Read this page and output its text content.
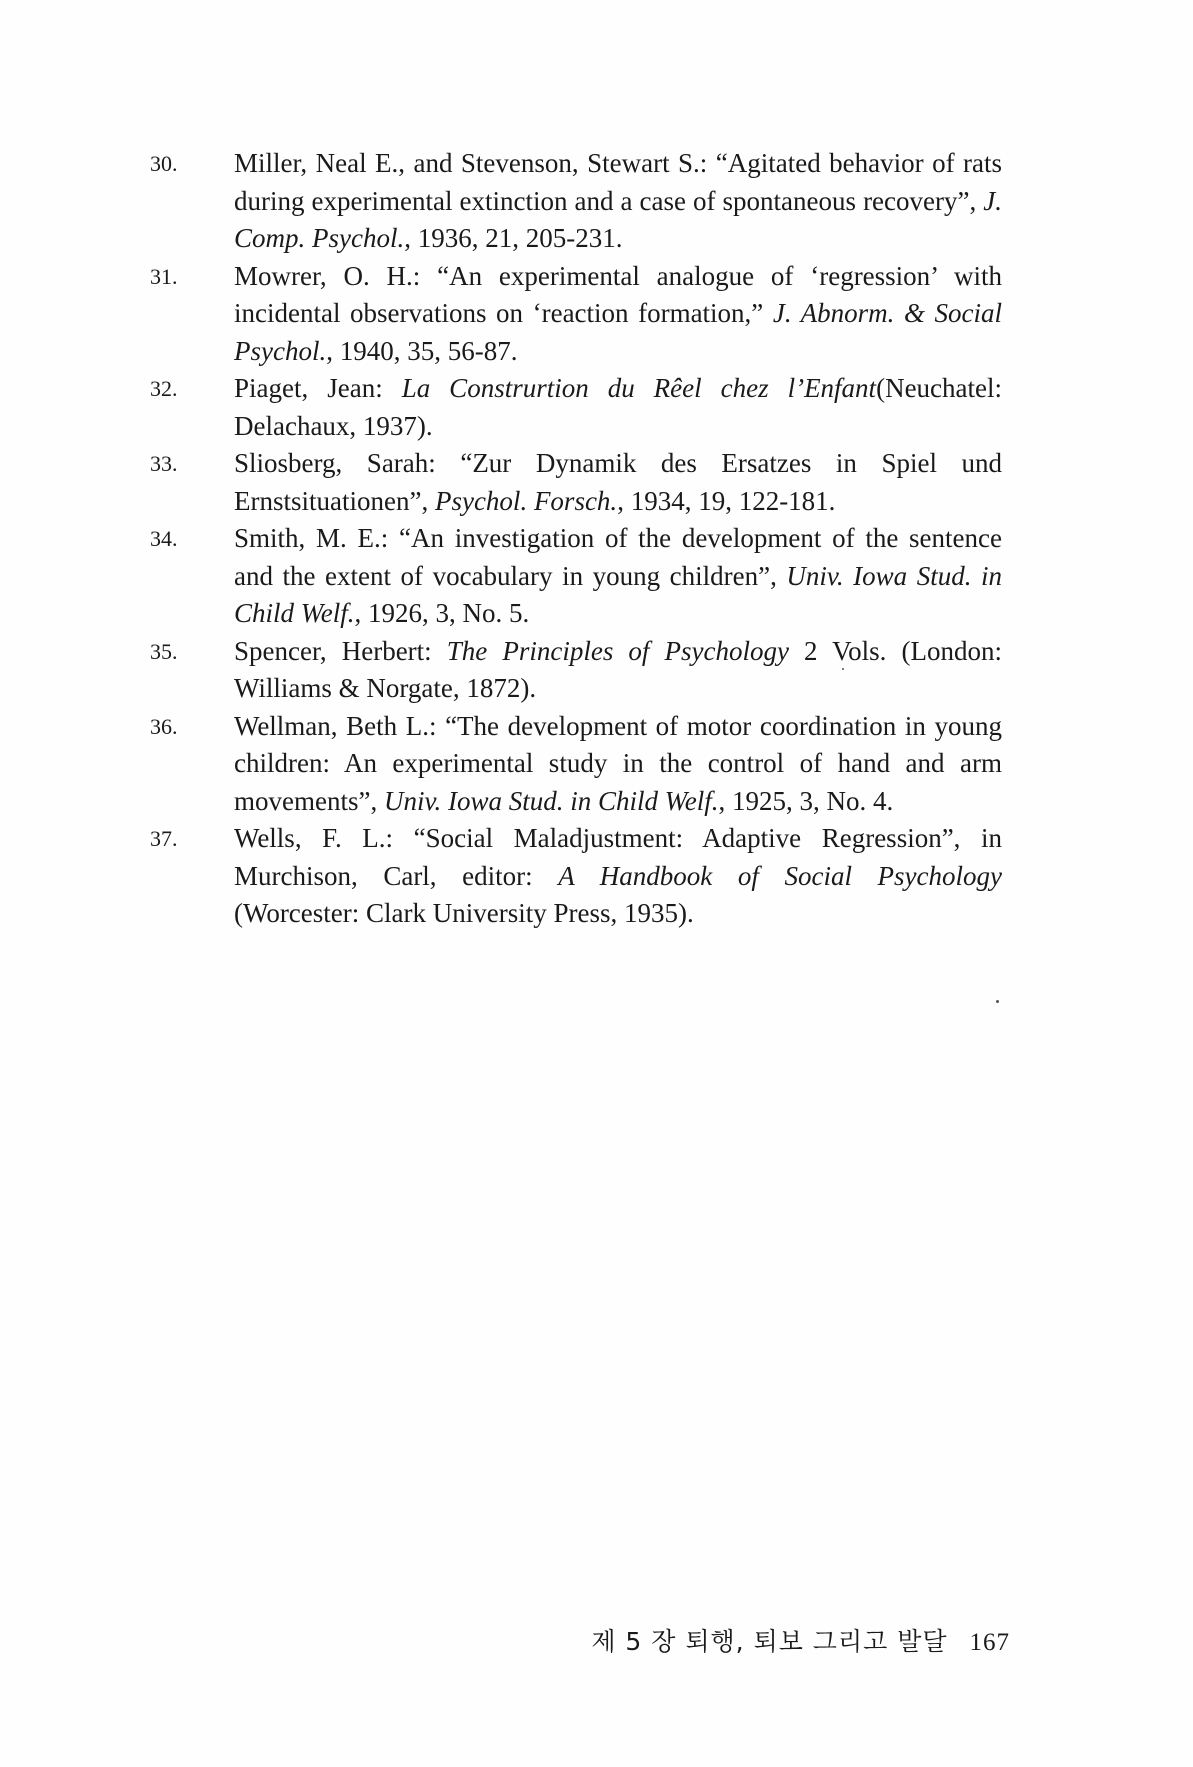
30.	Miller, Neal E., and Stevenson, Stewart S.: “Agitated behavior of rats during experimental extinction and a case of spontaneous recovery”, J. Comp. Psychol., 1936, 21, 205-231.
31.	Mowrer, O. H.: “An experimental analogue of ‘regression’ with incidental observations on ‘reaction formation,” J. Abnorm. & Social Psychol., 1940, 35, 56-87.
32.	Piaget, Jean: La Construrtion du Rêel chez l’Enfant(Neuchatel: Delachaux, 1937).
33.	Sliosberg, Sarah: “Zur Dynamik des Ersatzes in Spiel und Ernstsituationen”, Psychol. Forsch., 1934, 19, 122-181.
34.	Smith, M. E.: “An investigation of the development of the sentence and the extent of vocabulary in young children”, Univ. Iowa Stud. in Child Welf., 1926, 3, No. 5.
35.	Spencer, Herbert: The Principles of Psychology 2 Vols. (London: Williams & Norgate, 1872).
36.	Wellman, Beth L.: “The development of motor coordination in young children: An experimental study in the control of hand and arm movements”, Univ. Iowa Stud. in Child Welf., 1925, 3, No. 4.
37.	Wells, F. L.: “Social Maladjustment: Adaptive Regression”, in Murchison, Carl, editor: A Handbook of Social Psychology (Worcester: Clark University Press, 1935).
제 5 장 퇴행, 퇴보 그리고 발달 167
